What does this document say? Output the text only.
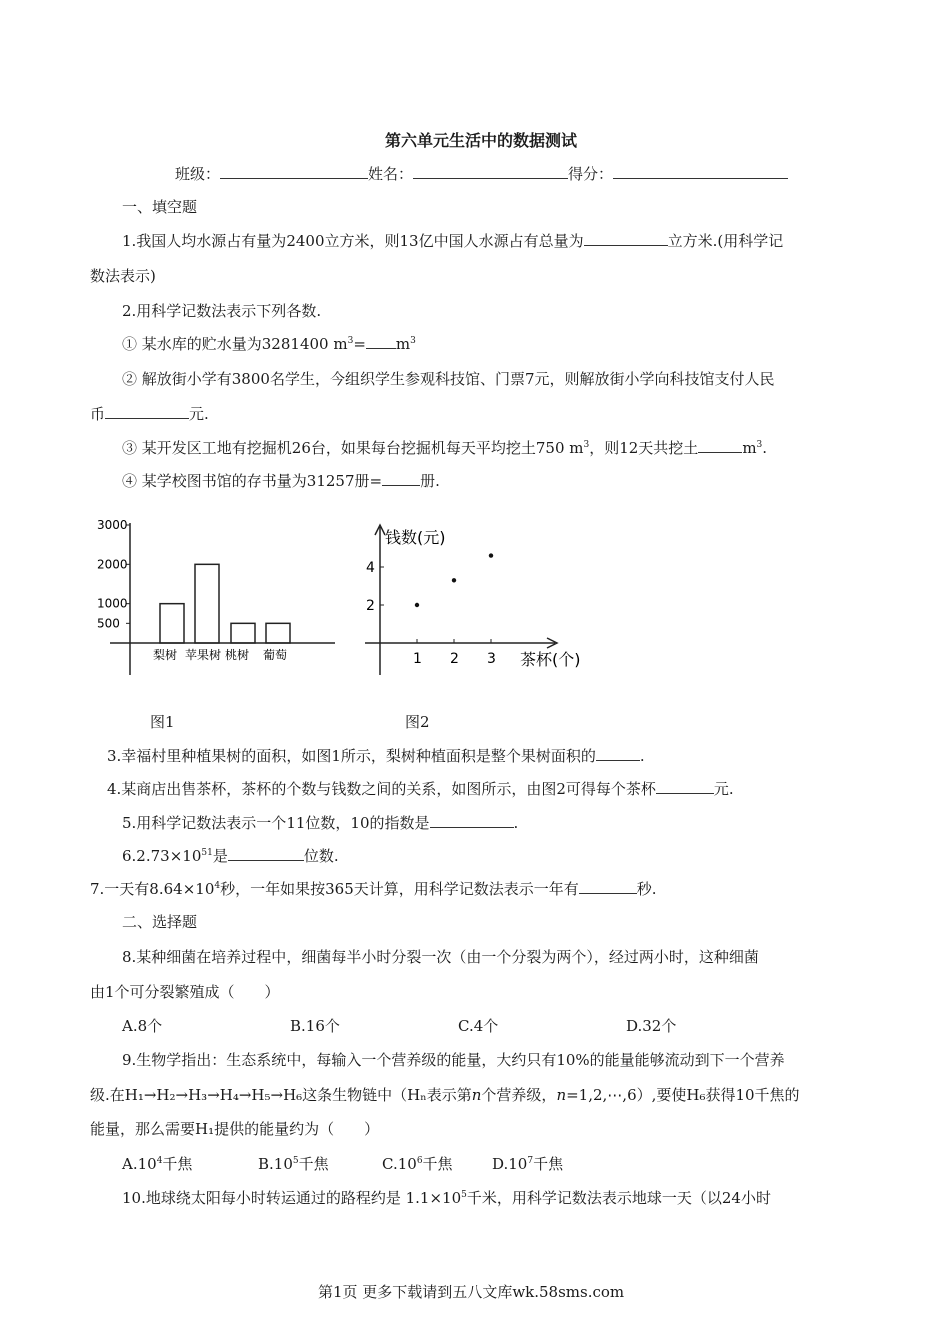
第六单元生活中的数据测试
班级：	姓名：	得分：
一、填空题
1.我国人均水源占有量为2400立方米，则13亿中国人水源占有总量为	立方米.(用科学记
数法表示)
2.用科学记数法表示下列各数.
① 某水库的贮水量为3281400 $m^3= m^3$
② 解放街小学有3800名学生，今组织学生参观科技馆、门票7元，则解放街小学向科技馆支付人民
币	元.
③ 某开发区工地有挖掘机26台，如果每台挖掘机每天平均挖土750 $m^3$，则12天共挖土	$m^3$.
④ 某学校图书馆的存书量为31257册=	册.
3000
2000
1000
500
梨树 苹果树 桃树 葡萄
钱数(元)
茶杯(个)
1 2 3
4
2
图1	图2
3.幸福村里种植果树的面积，如图1所示，梨树种植面积是整个果树面积的	.
4.某商店出售茶杯，茶杯的个数与钱数之间的关系，如图所示，由图2可得每个茶杯	元.
5.用科学记数法表示一个11位数，10的指数是	.
$6.2.73\times 10^{51}$是	位数.
7.一天有$8.64\times 10^4$秒，一年如果按365天计算，用科学记数法表示一年有	秒.
二、选择题
8.某种细菌在培养过程中，细菌每半小时分裂一次（由一个分裂为两个），经过两小时，这种细菌
由1个可分裂繁殖成（　　）
A.8个	B.16个	C.4个	D.32个
9.生物学指出：生态系统中，每输入一个营养级的能量，大约只有10%的能量能够流动到下一个营养
级.在H₁→H₂→H₃→H₄→H₅→H₆这条生物链中（Hₙ表示第n个营养级，n=1,2,⋯,6）,要使H₆获得10千焦的
能量，那么需要H₁提供的能量约为（　　）
$A.10^4$千焦	$B.10^5$千焦	$C.10^6$千焦	$D.10^7$千焦
10.地球绕太阳每小时转运通过的路程约是 $1.1\times 10^5$千米，用科学记数法表示地球一天（以24小时
第1页 更多下载请到五八文库wk.58sms.com
